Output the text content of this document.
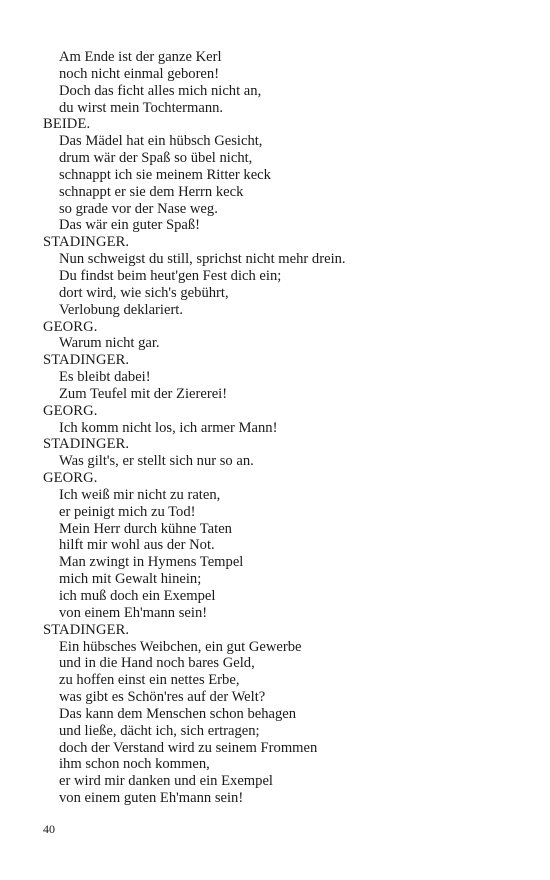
Am Ende ist der ganze Kerl
noch nicht einmal geboren!
Doch das ficht alles mich nicht an,
du wirst mein Tochtermann.
BEIDE.
Das Mädel hat ein hübsch Gesicht,
drum wär der Spaß so übel nicht,
schnappt ich sie meinem Ritter keck
schnappt er sie dem Herrn keck
so grade vor der Nase weg.
Das wär ein guter Spaß!
STADINGER.
Nun schweigst du still, sprichst nicht mehr drein.
Du findst beim heut'gen Fest dich ein;
dort wird, wie sich's gebührt,
Verlobung deklariert.
GEORG.
Warum nicht gar.
STADINGER.
Es bleibt dabei!
Zum Teufel mit der Ziererei!
GEORG.
Ich komm nicht los, ich armer Mann!
STADINGER.
Was gilt's, er stellt sich nur so an.
GEORG.
Ich weiß mir nicht zu raten,
er peinigt mich zu Tod!
Mein Herr durch kühne Taten
hilft mir wohl aus der Not.
Man zwingt in Hymens Tempel
mich mit Gewalt hinein;
ich muß doch ein Exempel
von einem Eh'mann sein!
STADINGER.
Ein hübsches Weibchen, ein gut Gewerbe
und in die Hand noch bares Geld,
zu hoffen einst ein nettes Erbe,
was gibt es Schön'res auf der Welt?
Das kann dem Menschen schon behagen
und ließe, dächt ich, sich ertragen;
doch der Verstand wird zu seinem Frommen
ihm schon noch kommen,
er wird mir danken und ein Exempel
von einem guten Eh'mann sein!
40
